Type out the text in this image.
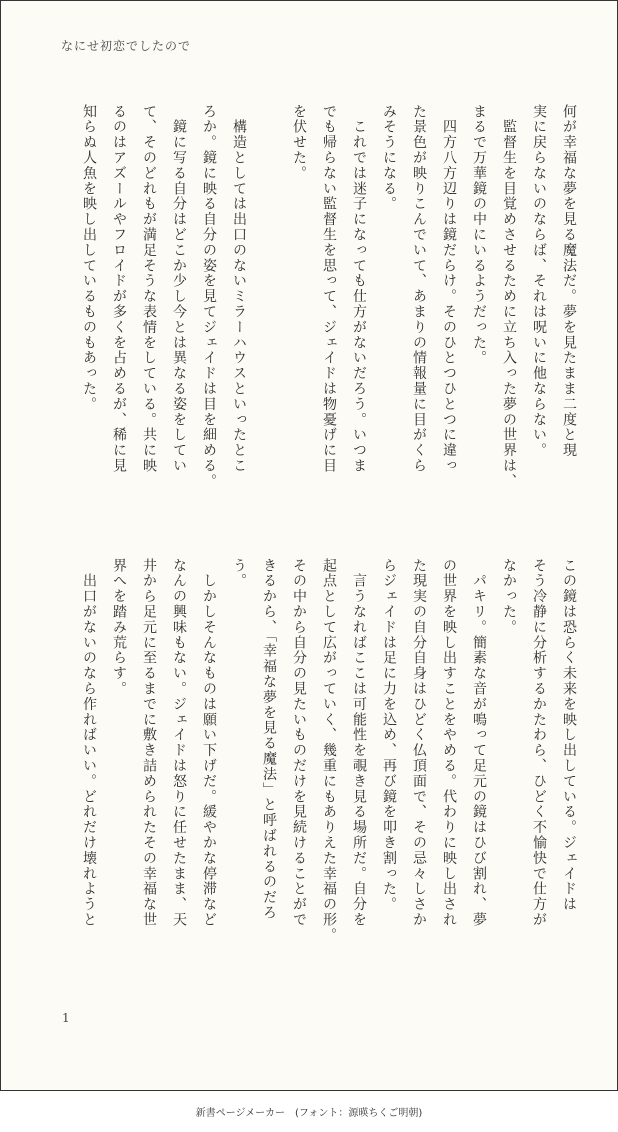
なにせ初恋でしたので

何が幸福な夢を見る魔法だ。夢を見たまま二度と現
実に戻らないのならば、それは呪いに他ならない。
　監督生を目覚めさせるために立ち入った夢の世界は、
まるで万華鏡の中にいるようだった。
　四方八方辺りは鏡だらけ。そのひとつひとつに違っ
た景色が映りこんでいて、あまりの情報量に目がくら
みそうになる。
　これでは迷子になっても仕方がないだろう。いつま
でも帰らない監督生を思って、ジェイドは物憂げに目
を伏せた。

　構造としては出口のないミラーハウスといったとこ
ろか。鏡に映る自分の姿を見てジェイドは目を細める。
　鏡に写る自分はどこか少し今とは異なる姿をしてい
て、そのどれもが満足そうな表情をしている。共に映
るのはアズールやフロイドが多くを占めるが、稀に見
知らぬ人魚を映し出しているものもあった。

この鏡は恐らく未来を映し出している。ジェイドは
そう冷静に分析するかたわら、ひどく不愉快で仕方が
なかった。
　パキリ。簡素な音が鳴って足元の鏡はひび割れ、夢
の世界を映し出すことをやめる。代わりに映し出され
た現実の自分自身はひどく仏頂面で、その忌々しさか
らジェイドは足に力を込め、再び鏡を叩き割った。
　言うなればここは可能性を覗き見る場所だ。自分を
起点として広がっていく、幾重にもありえた幸福の形。
その中から自分の見たいものだけを見続けることがで
きるから、「幸福な夢を見る魔法」と呼ばれるのだろ
う。
　しかしそんなものは願い下げだ。緩やかな停滞など
なんの興味もない。ジェイドは怒りに任せたまま、天
井から足元に至るまでに敷き詰められたその幸福な世
界へを踏み荒らす。
　出口がないのなら作ればいい。どれだけ壊れようと

1
新書ページメーカー　(フォント：源暎ちくご明朝)
